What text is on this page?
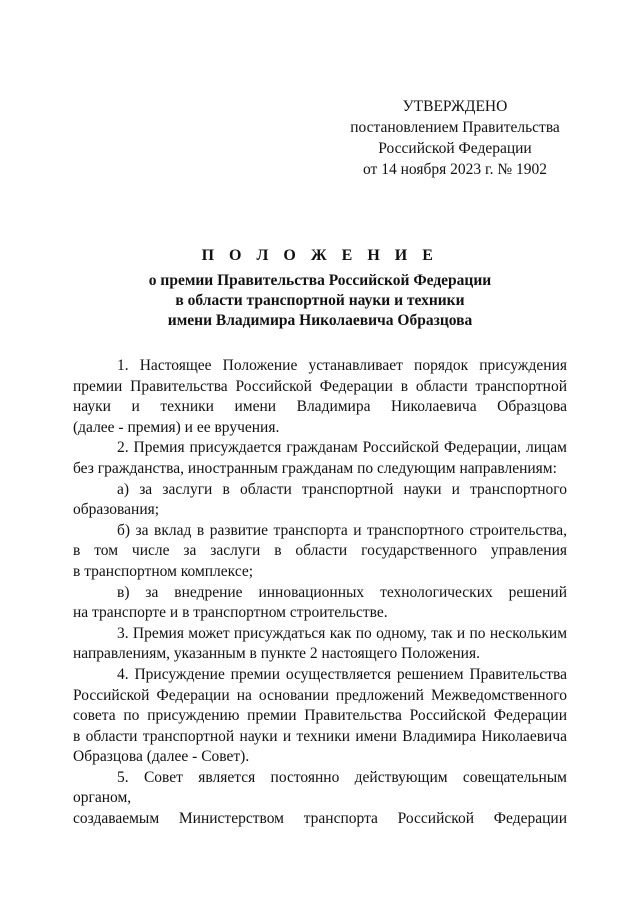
УТВЕРЖДЕНО
постановлением Правительства
Российской Федерации
от 14 ноября 2023 г. № 1902
П О Л О Ж Е Н И Е
о премии Правительства Российской Федерации
в области транспортной науки и техники
имени Владимира Николаевича Образцова

1. Настоящее Положение устанавливает порядок присуждения
премии Правительства Российской Федерации в области транспортной
науки и техники имени Владимира Николаевича Образцова
(далее - премия) и ее вручения.

2. Премия присуждается гражданам Российской Федерации, лицам
без гражданства, иностранным гражданам по следующим направлениям:

а) за заслуги в области транспортной науки и транспортного
образования;

б) за вклад в развитие транспорта и транспортного строительства,
в том числе за заслуги в области государственного управления
в транспортном комплексе;

в) за внедрение инновационных технологических решений
на транспорте и в транспортном строительстве.

3. Премия может присуждаться как по одному, так и по нескольким
направлениям, указанным в пункте 2 настоящего Положения.

4. Присуждение премии осуществляется решением Правительства
Российской Федерации на основании предложений Межведомственного
совета по присуждению премии Правительства Российской Федерации
в области транспортной науки и техники имени Владимира Николаевича
Образцова (далее - Совет).

5. Совет является постоянно действующим совещательным органом,
создаваемым Министерством транспорта Российской Федерации
